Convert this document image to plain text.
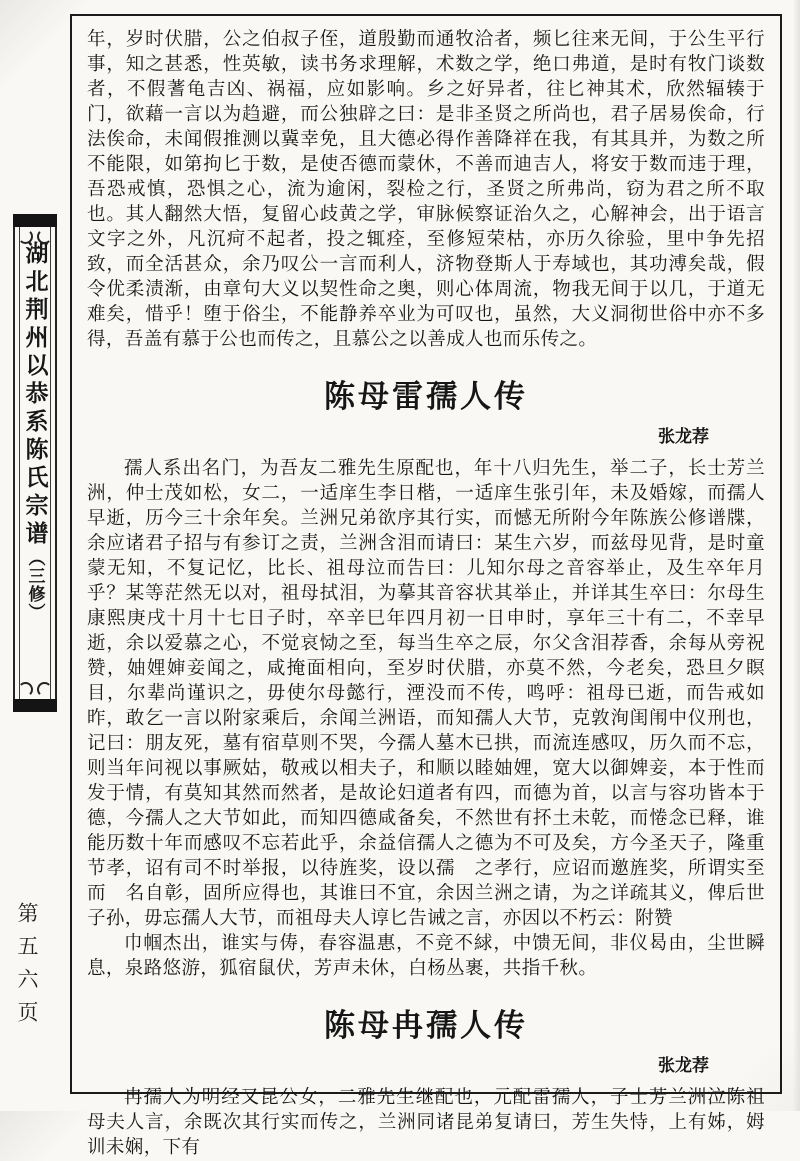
湖北荆州以恭系陈氏宗谱（三修）
第五六页

年，岁时伏腊，公之伯叔子侄，道殷勤而通牧洽者，频匕往来无间，于公生平行事，知之甚悉，性英敏，读书务求理解，术数之学，绝口弗道，是时有牧门谈数者，不假蓍龟吉凶、祸福，应如影响。乡之好异者，往匕神其术，欣然辐辏于门，欲藉一言以为趋避，而公独辟之曰：是非圣贤之所尚也，君子居易俟命，行法俟命，未闻假推测以冀幸免，且大德必得作善降祥在我，有其具并，为数之所不能限，如第拘匕于数，是使否德而蒙休，不善而迪吉人，将安于数而违于理，吾恐戒慎，恐惧之心，流为逾闲，裂检之行，圣贤之所弗尚，窃为君之所不取也。其人翻然大悟，复留心歧黄之学，审脉候察证治久之，心解神会，出于语言文字之外，凡沉疴不起者，投之辄痊，至修短荣枯，亦历久徐验，里中争先招致，而全活甚众，余乃叹公一言而利人，济物登斯人于寿域也，其功溥矣哉，假令优柔渍渐，由章句大义以契性命之奥，则心体周流，物我无间于以几，于道无难矣，惜乎！堕于俗尘，不能静养卒业为可叹也，虽然，大义洞彻世俗中亦不多得，吾盖有慕于公也而传之，且慕公之以善成人也而乐传之。

陈母雷孺人传
张龙荐

孺人系出名门，为吾友二雅先生原配也，年十八归先生，举二子，长士芳兰洲，仲士茂如松，女二，一适庠生李日楷，一适庠生张引年，未及婚嫁，而孺人早逝，历今三十余年矣。兰洲兄弟欲序其行实，而憾无所附今年陈族公修谱牒，余应诸君子招与有参订之责，兰洲含泪而请曰：某生六岁，而兹母见背，是时童蒙无知，不复记忆，比长、祖母泣而告曰：儿知尔母之音容举止，及生卒年月乎？某等茫然无以对，祖母拭泪，为摹其音容状其举止，并详其生卒曰：尔母生康熙庚戌十月十七日子时，卒辛巳年四月初一日申时，享年三十有二，不幸早逝，余以爱慕之心，不觉哀恸之至，每当生卒之辰，尔父含泪荐香，余每从旁祝赞，妯娌婶妾闻之，咸掩面相向，至岁时伏腊，亦莫不然，今老矣，恐旦夕瞑目，尔辈尚谨识之，毋使尔母懿行，湮没而不传，鸣呼：祖母已逝，而告戒如昨，敢乞一言以附家乘后，余闻兰洲语，而知孺人大节，克敦洵闺闱中仪刑也，记曰：朋友死，墓有宿草则不哭，今孺人墓木已拱，而流连感叹，历久而不忘，则当年问视以事厥姑，敬戒以相夫子，和顺以睦妯娌，宽大以御婢妾，本于性而发于情，有莫知其然而然者，是故论妇道者有四，而德为首，以言与容功皆本于德，今孺人之大节如此，而知四德咸备矣，不然世有抔土未乾，而惓念已释，谁能历数十年而感叹不忘若此乎，余益信孺人之德为不可及矣，方今圣天子，隆重节孝，诏有司不时举报，以待旌奖，设以孺　之孝行，应诏而邀旌奖，所谓实至而　名自彰，固所应得也，其谁曰不宜，余因兰洲之请，为之详疏其义，俾后世子孙，毋忘孺人大节，而祖母夫人谆匕告诫之言，亦因以不朽云：附赞

巾帼杰出，谁实与俦，春容温惠，不竞不絿，中馈无间，非仪曷由，尘世瞬息，泉路悠游，狐宿鼠伏，芳声未休，白杨丛裹，共指千秋。

陈母冉孺人传
张龙荐

冉孺人为明经又昆公女，二雅先生继配也，元配雷孺人，子士芳兰洲泣陈祖母夫人言，余既次其行实而传之，兰洲同诸昆弟复请曰，芳生失恃，上有姊，姆训未娴，下有
